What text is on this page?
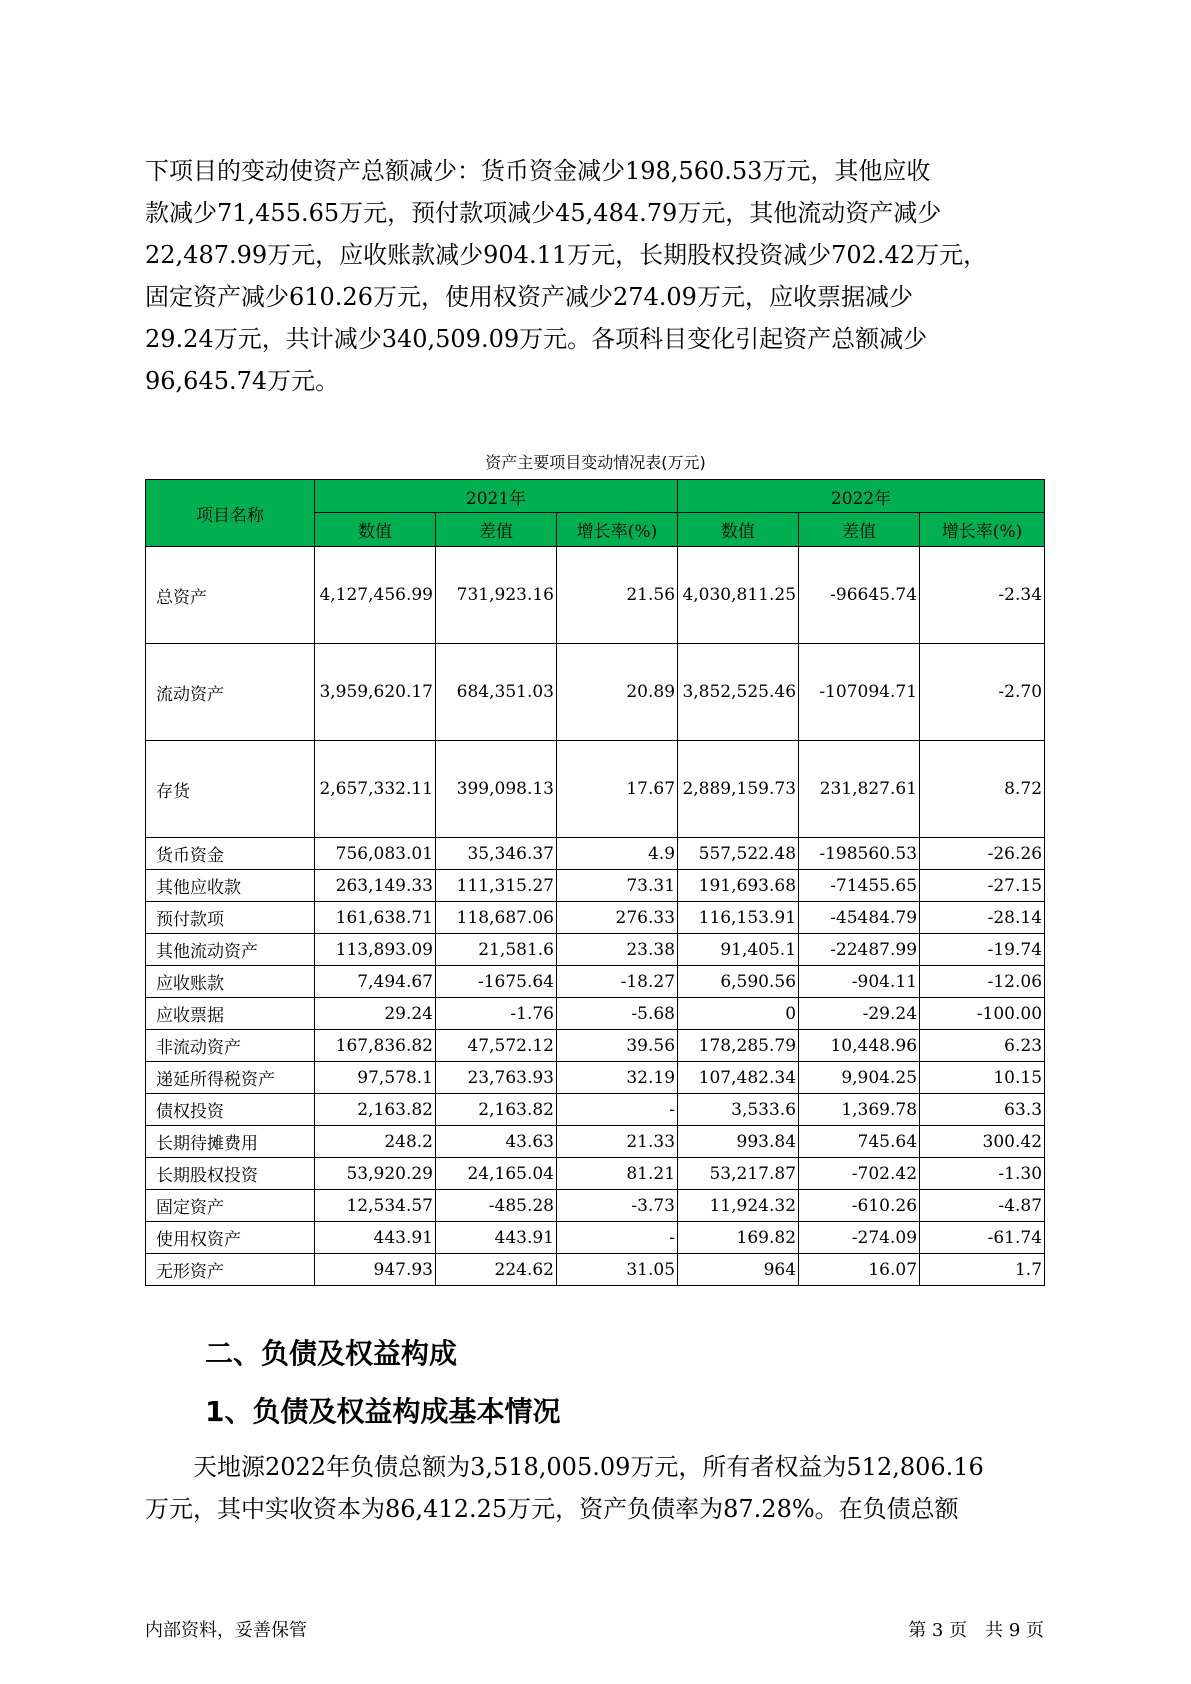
下项目的变动使资产总额减少：货币资金减少198,560.53万元，其他应收
款减少71,455.65万元，预付款项减少45,484.79万元，其他流动资产减少
22,487.99万元，应收账款减少904.11万元，长期股权投资减少702.42万元，
固定资产减少610.26万元，使用权资产减少274.09万元，应收票据减少
29.24万元，共计减少340,509.09万元。各项科目变化引起资产总额减少
96,645.74万元。
资产主要项目变动情况表(万元)
项目名称	2021年			2022年		
	数值	差值	增长率(%)	数值	差值	增长率(%)
总资产	4,127,456.99	731,923.16	21.56	4,030,811.25	-96645.74	-2.34
流动资产	3,959,620.17	684,351.03	20.89	3,852,525.46	-107094.71	-2.70
存货	2,657,332.11	399,098.13	17.67	2,889,159.73	231,827.61	8.72
货币资金	756,083.01	35,346.37	4.9	557,522.48	-198560.53	-26.26
其他应收款	263,149.33	111,315.27	73.31	191,693.68	-71455.65	-27.15
预付款项	161,638.71	118,687.06	276.33	116,153.91	-45484.79	-28.14
其他流动资产	113,893.09	21,581.6	23.38	91,405.1	-22487.99	-19.74
应收账款	7,494.67	-1675.64	-18.27	6,590.56	-904.11	-12.06
应收票据	29.24	-1.76	-5.68	0	-29.24	-100.00
非流动资产	167,836.82	47,572.12	39.56	178,285.79	10,448.96	6.23
递延所得税资产	97,578.1	23,763.93	32.19	107,482.34	9,904.25	10.15
债权投资	2,163.82	2,163.82	-	3,533.6	1,369.78	63.3
长期待摊费用	248.2	43.63	21.33	993.84	745.64	300.42
长期股权投资	53,920.29	24,165.04	81.21	53,217.87	-702.42	-1.30
固定资产	12,534.57	-485.28	-3.73	11,924.32	-610.26	-4.87
使用权资产	443.91	443.91	-	169.82	-274.09	-61.74
无形资产	947.93	224.62	31.05	964	16.07	1.7
二、负债及权益构成
1、负债及权益构成基本情况
　　天地源2022年负债总额为3,518,005.09万元，所有者权益为512,806.16
万元，其中实收资本为86,412.25万元，资产负债率为87.28%。在负债总额
内部资料，妥善保管	第 3 页　共 9 页
